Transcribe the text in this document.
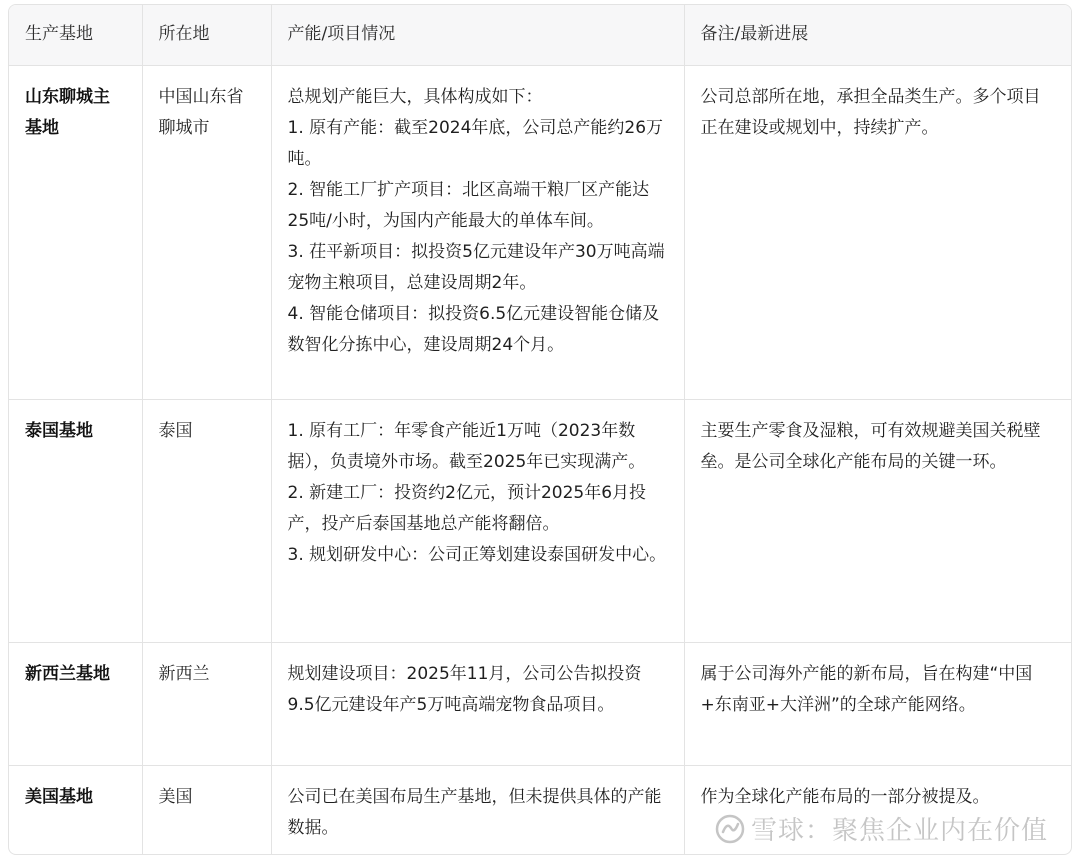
生产基地	所在地	产能/项目情况	备注/最新进展
山东聊城主基地	中国山东省聊城市	总规划产能巨大，具体构成如下：
1. 原有产能：截至2024年底，公司总产能约26万吨。
2. 智能工厂扩产项目：北区高端干粮厂区产能达25吨/小时，为国内产能最大的单体车间。
3. 茌平新项目：拟投资5亿元建设年产30万吨高端宠物主粮项目，总建设周期2年。
4. 智能仓储项目：拟投资6.5亿元建设智能仓储及数智化分拣中心，建设周期24个月。	公司总部所在地，承担全品类生产。多个项目正在建设或规划中，持续扩产。
泰国基地	泰国	1. 原有工厂：年零食产能近1万吨（2023年数据），负责境外市场。截至2025年已实现满产。
2. 新建工厂：投资约2亿元，预计2025年6月投产，投产后泰国基地总产能将翻倍。
3. 规划研发中心：公司正筹划建设泰国研发中心。	主要生产零食及湿粮，可有效规避美国关税壁垒。是公司全球化产能布局的关键一环。
新西兰基地	新西兰	规划建设项目：2025年11月，公司公告拟投资9.5亿元建设年产5万吨高端宠物食品项目。	属于公司海外产能的新布局，旨在构建“中国+东南亚+大洋洲”的全球产能网络。
美国基地	美国	公司已在美国布局生产基地，但未提供具体的产能数据。	作为全球化产能布局的一部分被提及。
雪球：聚焦企业内在价值
